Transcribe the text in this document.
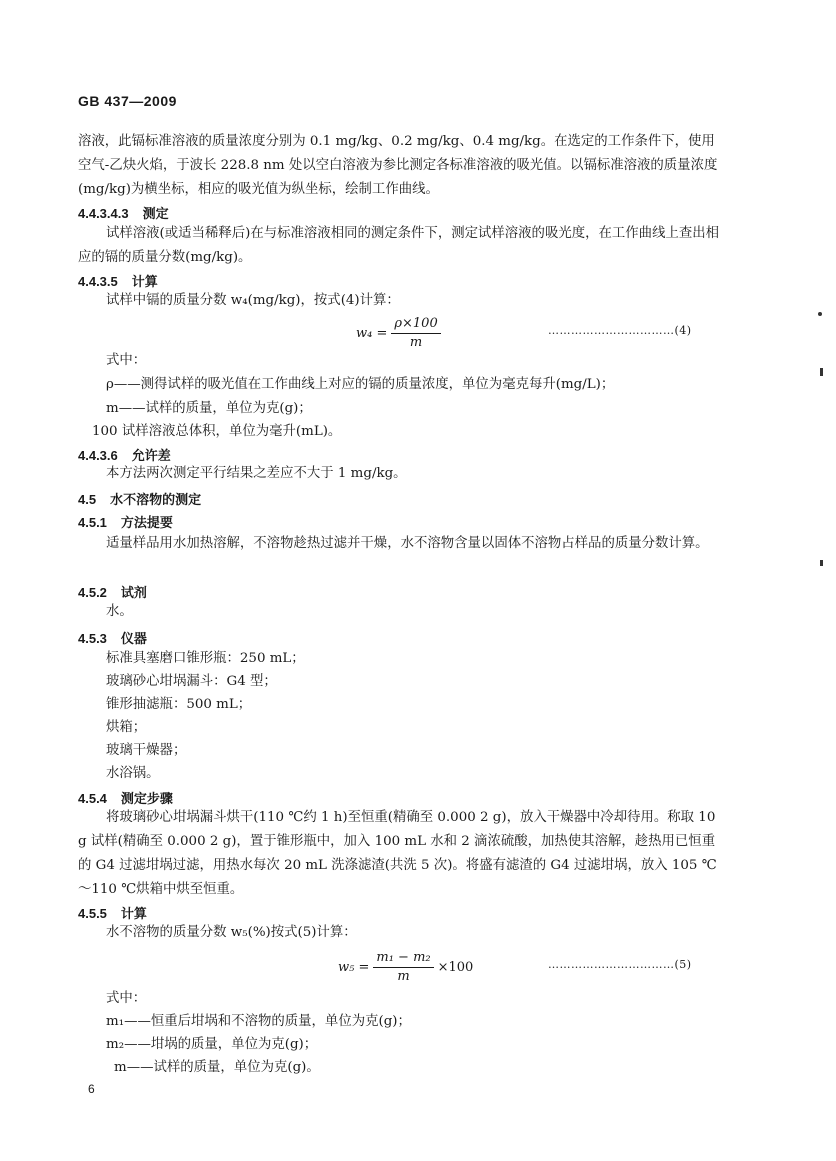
GB 437—2009
溶液，此镉标准溶液的质量浓度分别为 0.1 mg/kg、0.2 mg/kg、0.4 mg/kg。在选定的工作条件下，使用空气-乙炔火焰，于波长 228.8 nm 处以空白溶液为参比测定各标准溶液的吸光值。以镉标准溶液的质量浓度(mg/kg)为横坐标，相应的吸光值为纵坐标，绘制工作曲线。
4.4.3.4.3 测定
试样溶液(或适当稀释后)在与标准溶液相同的测定条件下，测定试样溶液的吸光度，在工作曲线上查出相应的镉的质量分数(mg/kg)。
4.4.3.5 计算
试样中镉的质量分数 w₄(mg/kg)，按式(4)计算：
$w_4 = \frac{\rho\times 100}{m}$	……………………………(4)
式中：
ρ——测得试样的吸光值在工作曲线上对应的镉的质量浓度，单位为毫克每升(mg/L)；
m——试样的质量，单位为克(g)；
100 试样溶液总体积，单位为毫升(mL)。
4.4.3.6 允许差
本方法两次测定平行结果之差应不大于 1 mg/kg。
4.5 水不溶物的测定
4.5.1 方法提要
适量样品用水加热溶解，不溶物趁热过滤并干燥，水不溶物含量以固体不溶物占样品的质量分数计算。
4.5.2 试剂
水。
4.5.3 仪器
标准具塞磨口锥形瓶：250 mL；
玻璃砂心坩埚漏斗：G4 型；
锥形抽滤瓶：500 mL；
烘箱；
玻璃干燥器；
水浴锅。
4.5.4 测定步骤
将玻璃砂心坩埚漏斗烘干(110 ℃约 1 h)至恒重(精确至 0.000 2 g)，放入干燥器中冷却待用。称取 10 g 试样(精确至 0.000 2 g)，置于锥形瓶中，加入 100 mL 水和 2 滴浓硫酸，加热使其溶解，趁热用已恒重的 G4 过滤坩埚过滤，用热水每次 20 mL 洗涤滤渣(共洗 5 次)。将盛有滤渣的 G4 过滤坩埚，放入 105 ℃～110 ℃烘箱中烘至恒重。
4.5.5 计算
水不溶物的质量分数 w₅(%)按式(5)计算：
$w_5 = \frac{\text{m₁ − m₂}}{m} \times 100$	……………………………(5)
式中：
m₁——恒重后坩埚和不溶物的质量，单位为克(g)；
m₂——坩埚的质量，单位为克(g)；
m——试样的质量，单位为克(g)。
6
